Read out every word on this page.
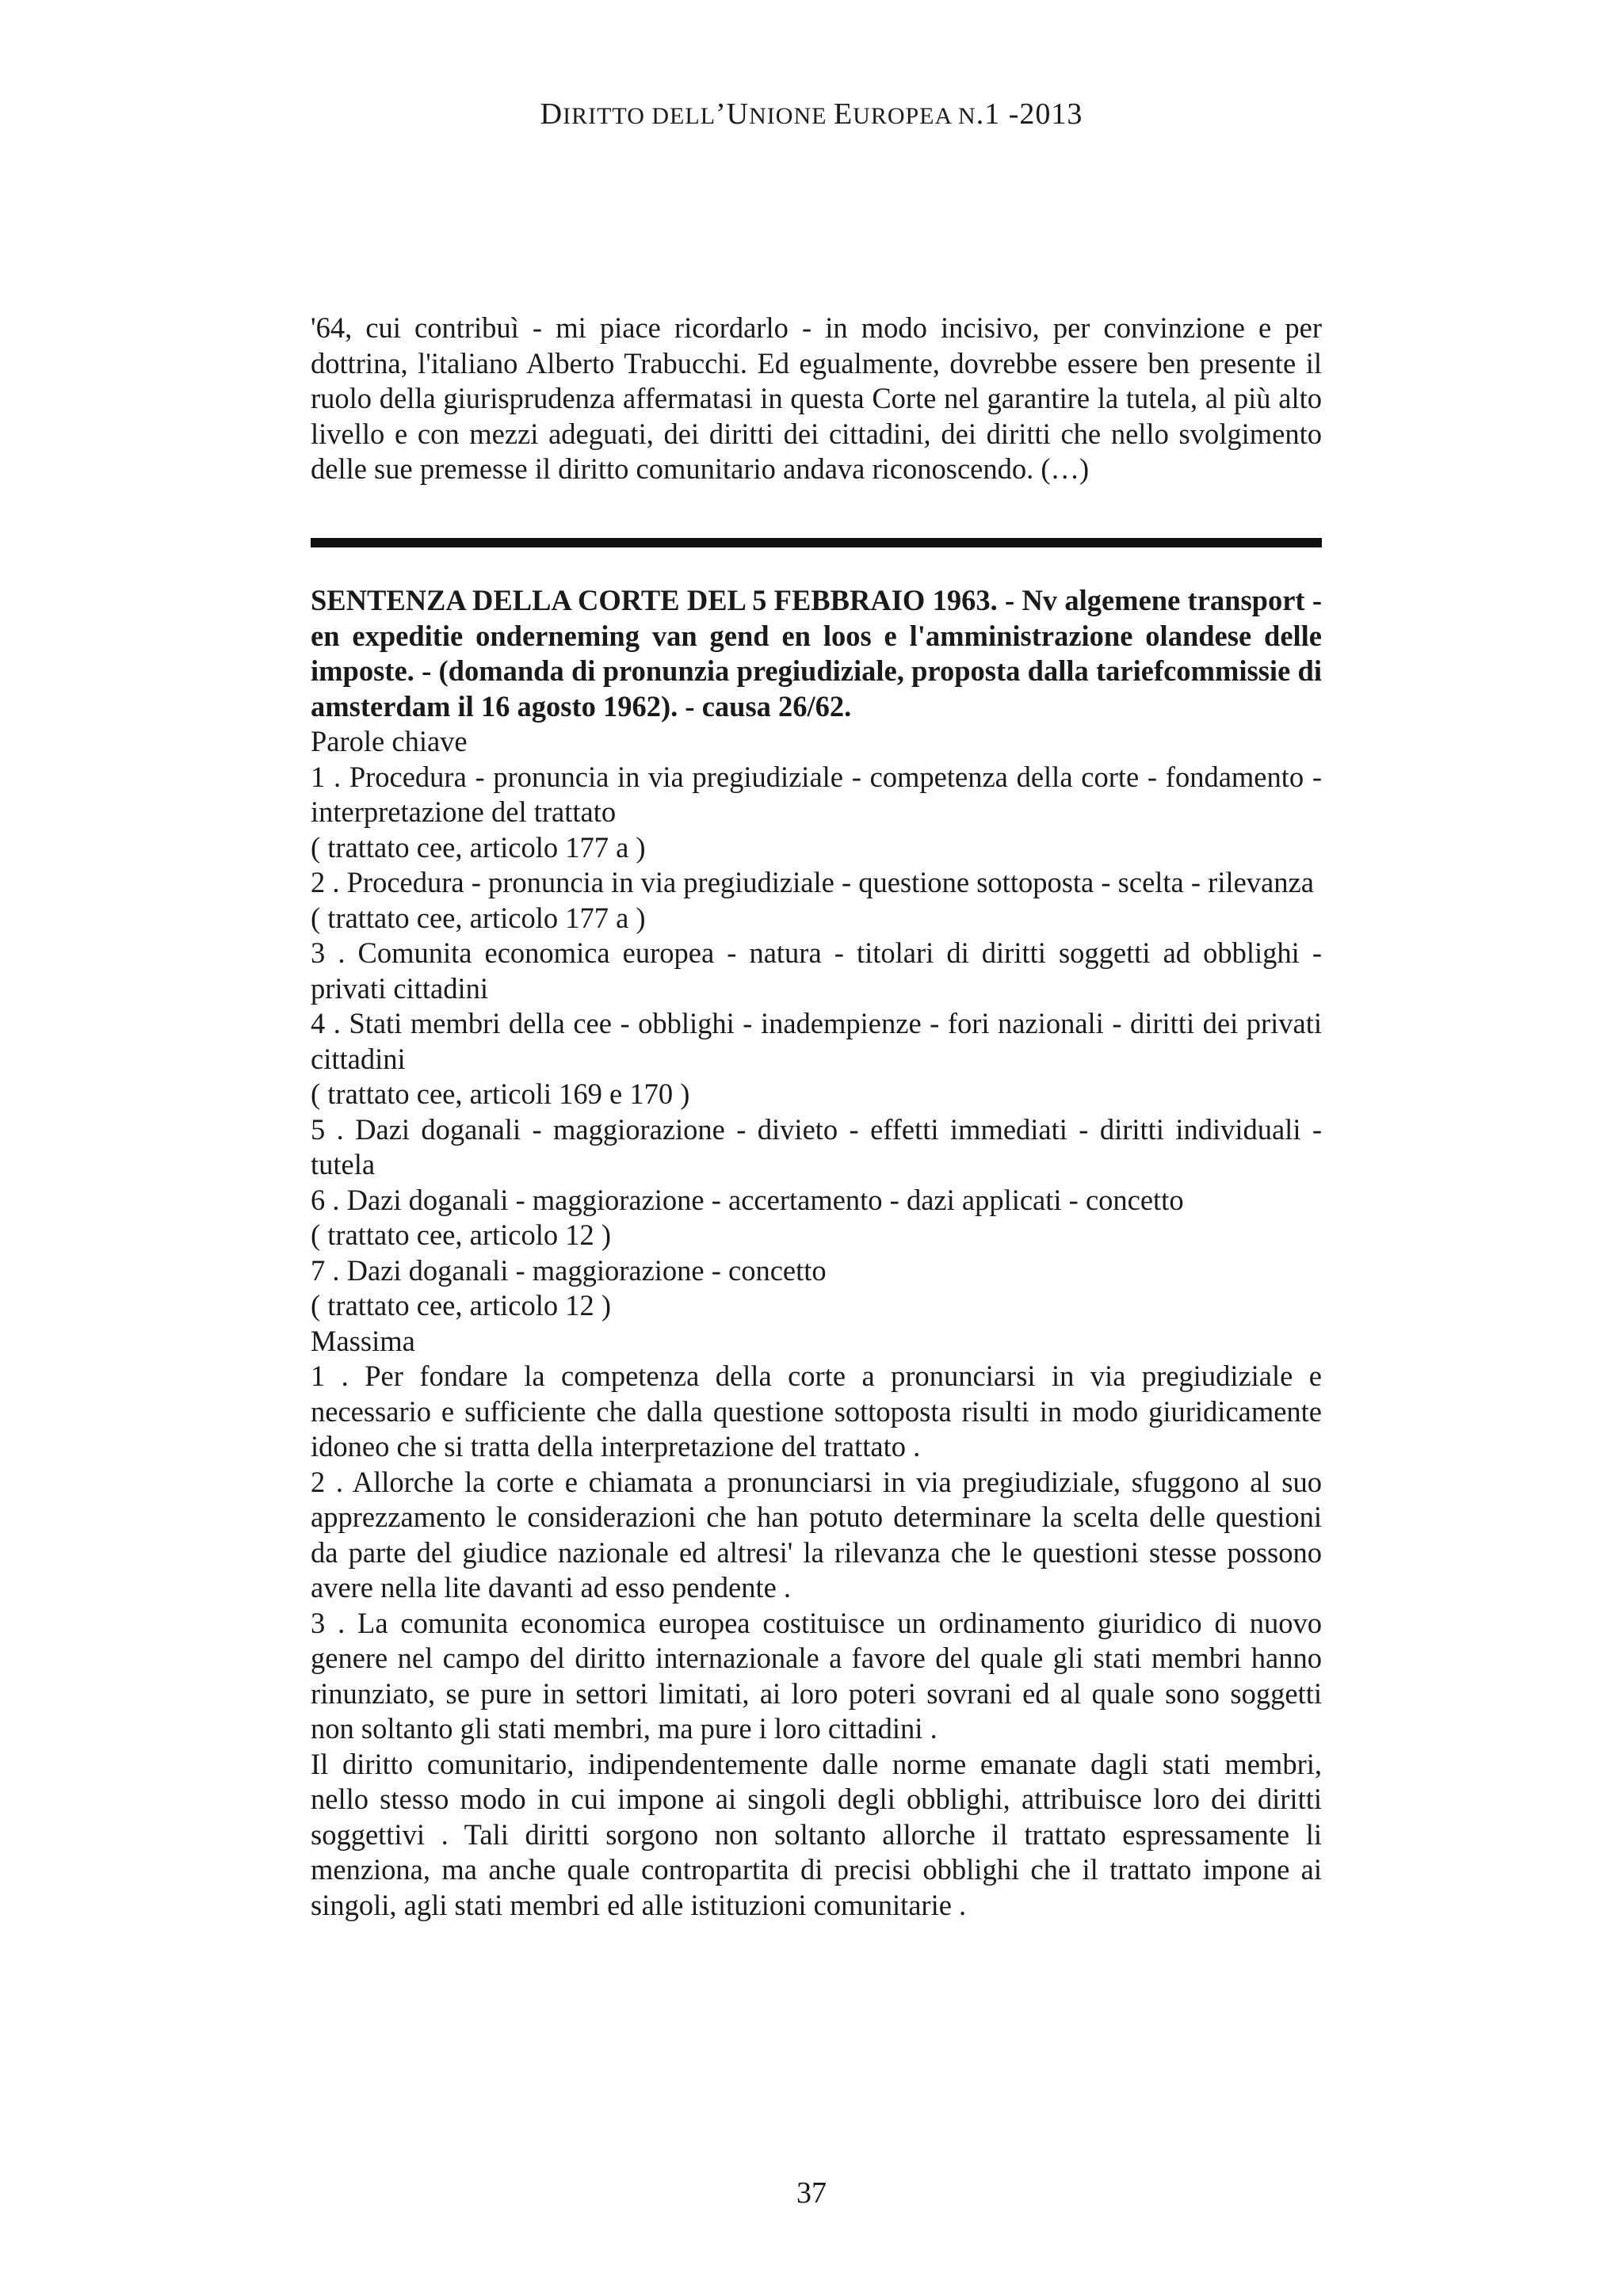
DIRITTO DELL’UNIONE EUROPEA N.1 -2013

'64, cui contribuì - mi piace ricordarlo - in modo incisivo, per convinzione e per dottrina, l'italiano Alberto Trabucchi. Ed egualmente, dovrebbe essere ben presente il ruolo della giurisprudenza affermatasi in questa Corte nel garantire la tutela, al più alto livello e con mezzi adeguati, dei diritti dei cittadini, dei diritti che nello svolgimento delle sue premesse il diritto comunitario andava riconoscendo. (…)

SENTENZA DELLA CORTE DEL 5 FEBBRAIO 1963. - Nv algemene transport - en expeditie onderneming van gend en loos e l'amministrazione olandese delle imposte. - (domanda di pronunzia pregiudiziale, proposta dalla tariefcommissie di amsterdam il 16 agosto 1962). - causa 26/62.

Parole chiave

1 . Procedura - pronuncia in via pregiudiziale - competenza della corte - fondamento - interpretazione del trattato

( trattato cee, articolo 177 a )

2 . Procedura - pronuncia in via pregiudiziale - questione sottoposta - scelta - rilevanza

( trattato cee, articolo 177 a )

3 . Comunita economica europea - natura - titolari di diritti soggetti ad obblighi - privati cittadini

4 . Stati membri della cee - obblighi - inadempienze - fori nazionali - diritti dei privati cittadini

( trattato cee, articoli 169 e 170 )

5 . Dazi doganali - maggiorazione - divieto - effetti immediati - diritti individuali - tutela

6 . Dazi doganali - maggiorazione - accertamento - dazi applicati - concetto

( trattato cee, articolo 12 )

7 . Dazi doganali - maggiorazione - concetto

( trattato cee, articolo 12 )

Massima

1 . Per fondare la competenza della corte a pronunciarsi in via pregiudiziale e necessario e sufficiente che dalla questione sottoposta risulti in modo giuridicamente idoneo che si tratta della interpretazione del trattato .

2 . Allorche la corte e chiamata a pronunciarsi in via pregiudiziale, sfuggono al suo apprezzamento le considerazioni che han potuto determinare la scelta delle questioni da parte del giudice nazionale ed altresi' la rilevanza che le questioni stesse possono avere nella lite davanti ad esso pendente .

3 . La comunita economica europea costituisce un ordinamento giuridico di nuovo genere nel campo del diritto internazionale a favore del quale gli stati membri hanno rinunziato, se pure in settori limitati, ai loro poteri sovrani ed al quale sono soggetti non soltanto gli stati membri, ma pure i loro cittadini .

Il diritto comunitario, indipendentemente dalle norme emanate dagli stati membri, nello stesso modo in cui impone ai singoli degli obblighi, attribuisce loro dei diritti soggettivi . Tali diritti sorgono non soltanto allorche il trattato espressamente li menziona, ma anche quale contropartita di precisi obblighi che il trattato impone ai singoli, agli stati membri ed alle istituzioni comunitarie .

37
